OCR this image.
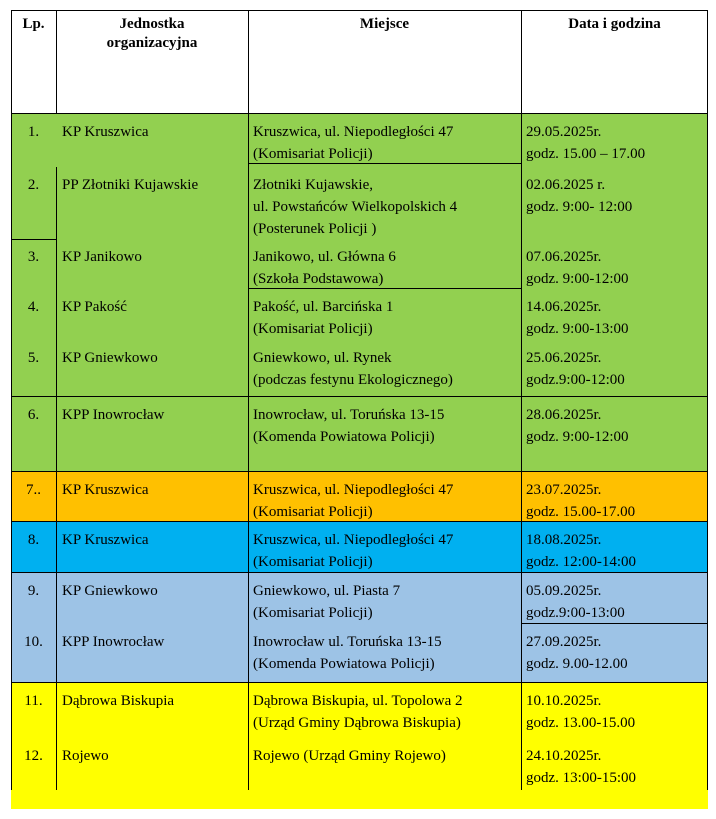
Lp.	Jednostka
organizacyjna
Miejsce	Data i godzina
1.	KP Kruszwica	Kruszwica, ul. Niepodległości 47
(Komisariat Policji)
29.05.2025r.
godz. 15.00 – 17.00
2.	PP Złotniki Kujawskie	Złotniki Kujawskie,
ul. Powstańców Wielkopolskich 4
(Posterunek Policji )
02.06.2025 r.
godz. 9:00- 12:00
3.	KP Janikowo	Janikowo, ul. Główna 6
(Szkoła Podstawowa)
07.06.2025r.
godz. 9:00-12:00
4.	KP Pakość	Pakość, ul. Barcińska 1
(Komisariat Policji)
14.06.2025r.
godz. 9:00-13:00
5.	KP Gniewkowo	Gniewkowo, ul. Rynek
(podczas festynu Ekologicznego)
25.06.2025r.
godz.9:00-12:00
6.	KPP Inowrocław	Inowrocław, ul. Toruńska 13-15
(Komenda Powiatowa Policji)
28.06.2025r.
godz. 9:00-12:00
7..	KP Kruszwica	Kruszwica, ul. Niepodległości 47
(Komisariat Policji)
23.07.2025r.
godz. 15.00-17.00
8.	KP Kruszwica	Kruszwica, ul. Niepodległości 47
(Komisariat Policji)
18.08.2025r.
godz. 12:00-14:00
9.	KP Gniewkowo	Gniewkowo, ul. Piasta 7
(Komisariat Policji)
05.09.2025r.
godz.9:00-13:00
10.	KPP Inowrocław	Inowrocław ul. Toruńska 13-15
(Komenda Powiatowa Policji)
27.09.2025r.
godz. 9.00-12.00
11.	Dąbrowa Biskupia	Dąbrowa Biskupia, ul. Topolowa 2
(Urząd Gminy Dąbrowa Biskupia)
10.10.2025r.
godz. 13.00-15.00
12.	Rojewo	Rojewo (Urząd Gminy Rojewo)	24.10.2025r.
godz. 13:00-15:00
